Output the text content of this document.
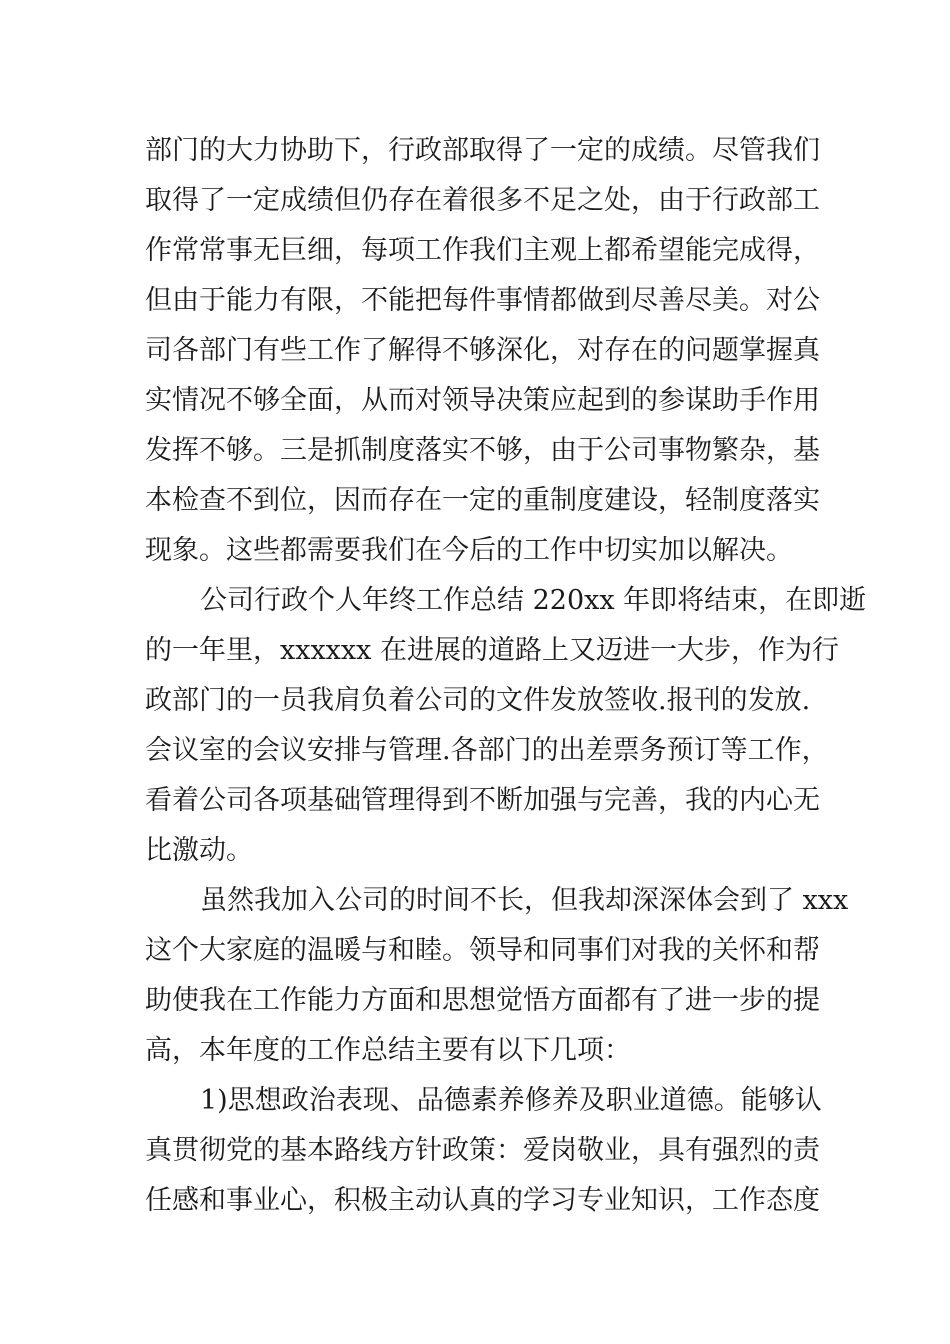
部门的大力协助下，行政部取得了一定的成绩。尽管我们
取得了一定成绩但仍存在着很多不足之处，由于行政部工
作常常事无巨细，每项工作我们主观上都希望能完成得，
但由于能力有限，不能把每件事情都做到尽善尽美。对公
司各部门有些工作了解得不够深化，对存在的问题掌握真
实情况不够全面，从而对领导决策应起到的参谋助手作用
发挥不够。三是抓制度落实不够，由于公司事物繁杂，基
本检查不到位，因而存在一定的重制度建设，轻制度落实
现象。这些都需要我们在今后的工作中切实加以解决。
公司行政个人年终工作总结 220xx 年即将结束，在即逝
的一年里，xxxxxx 在进展的道路上又迈进一大步，作为行
政部门的一员我肩负着公司的文件发放签收.报刊的发放.
会议室的会议安排与管理.各部门的出差票务预订等工作，
看着公司各项基础管理得到不断加强与完善，我的内心无
比激动。
虽然我加入公司的时间不长，但我却深深体会到了 xxx
这个大家庭的温暖与和睦。领导和同事们对我的关怀和帮
助使我在工作能力方面和思想觉悟方面都有了进一步的提
高，本年度的工作总结主要有以下几项：
1)思想政治表现、品德素养修养及职业道德。能够认
真贯彻党的基本路线方针政策：爱岗敬业，具有强烈的责
任感和事业心，积极主动认真的学习专业知识，工作态度
